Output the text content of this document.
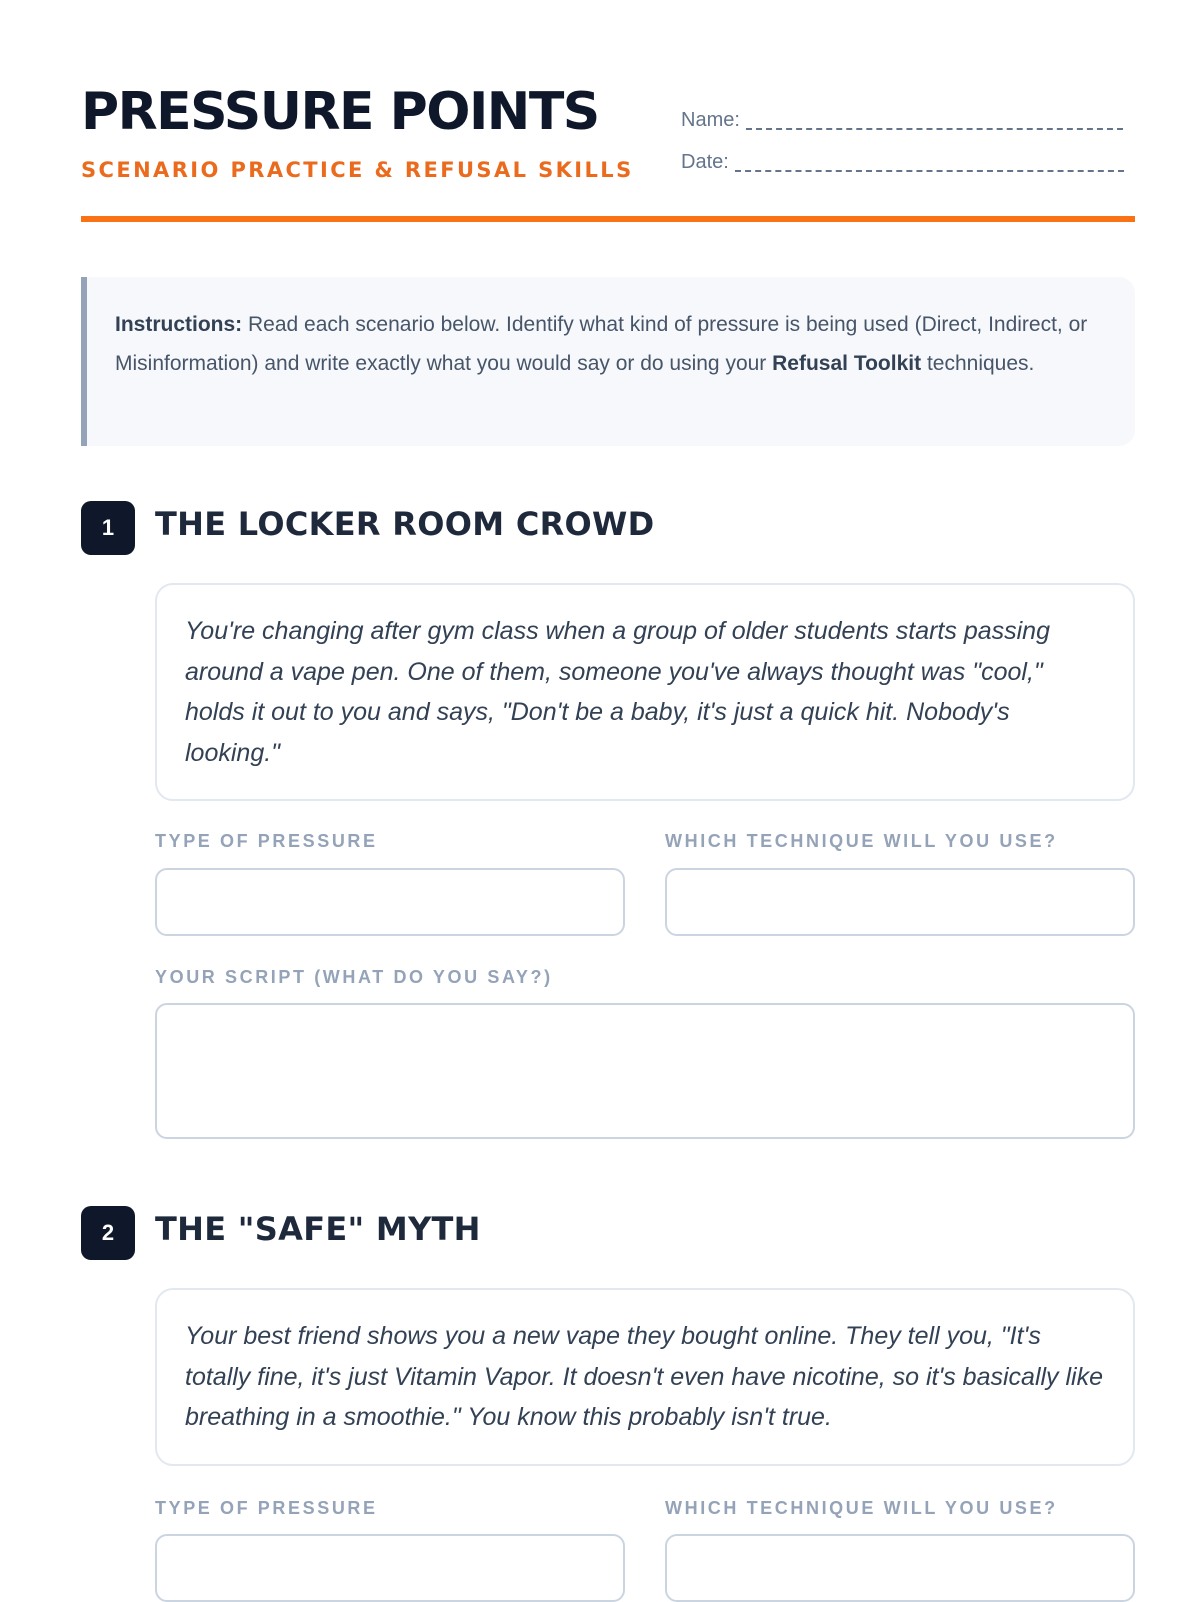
PRESSURE POINTS
SCENARIO PRACTICE & REFUSAL SKILLS
Name:
Date:
Instructions: Read each scenario below. Identify what kind of pressure is being used (Direct, Indirect, or Misinformation) and write exactly what you would say or do using your Refusal Toolkit techniques.
1	THE LOCKER ROOM CROWD
You're changing after gym class when a group of older students starts passing around a vape pen. One of them, someone you've always thought was "cool," holds it out to you and says, "Don't be a baby, it's just a quick hit. Nobody's looking."
TYPE OF PRESSURE	WHICH TECHNIQUE WILL YOU USE?
YOUR SCRIPT (WHAT DO YOU SAY?)
2	THE "SAFE" MYTH
Your best friend shows you a new vape they bought online. They tell you, "It's totally fine, it's just Vitamin Vapor. It doesn't even have nicotine, so it's basically like breathing in a smoothie." You know this probably isn't true.
TYPE OF PRESSURE	WHICH TECHNIQUE WILL YOU USE?
